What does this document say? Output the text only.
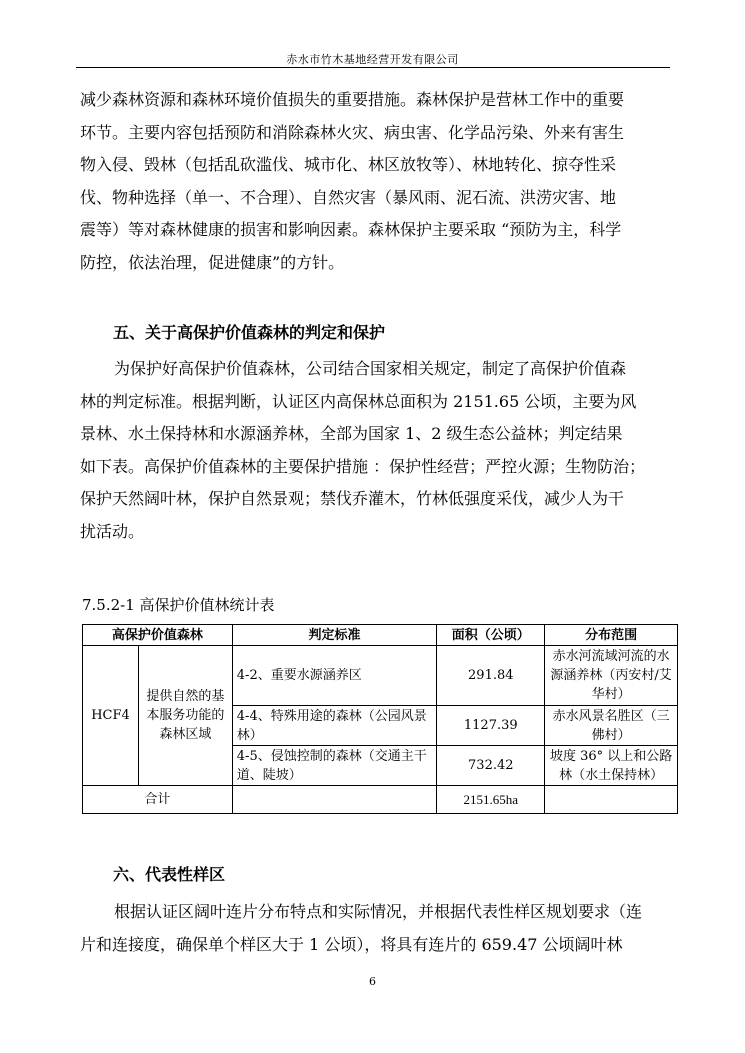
赤水市竹木基地经营开发有限公司
减少森林资源和森林环境价值损失的重要措施。森林保护是营林工作中的重要
环节。主要内容包括预防和消除森林火灾、病虫害、化学品污染、外来有害生
物入侵、毁林（包括乱砍滥伐、城市化、林区放牧等）、林地转化、掠夺性采
伐、物种选择（单一、不合理）、自然灾害（暴风雨、泥石流、洪涝灾害、地
震等）等对森林健康的损害和影响因素。森林保护主要采取 “预防为主，科学
防控，依法治理，促进健康”的方针。
五、关于高保护价值森林的判定和保护
为保护好高保护价值森林，公司结合国家相关规定，制定了高保护价值森
林的判定标准。根据判断，认证区内高保林总面积为 2151.65 公顷，主要为风
景林、水土保持林和水源涵养林，全部为国家 1、2 级生态公益林；判定结果
如下表。高保护价值森林的主要保护措施 ：保护性经营；严控火源；生物防治；
保护天然阔叶林，保护自然景观；禁伐乔灌木，竹林低强度采伐，减少人为干
扰活动。
7.5.2-1 高保护价值林统计表
高保护价值森林		判定标准	面积（公顷）	分布范围
HCF4	提供自然的基本服务功能的森林区域	4-2、重要水源涵养区	291.84	赤水河流域河流的水源涵养林（丙安村/艾华村）
		4-4、特殊用途的森林（公园风景林）	1127.39	赤水风景名胜区（三佛村）
		4-5、侵蚀控制的森林（交通主干道、陡坡）	732.42	坡度 36° 以上和公路林（水土保持林）
合计			2151.65ha	
六、代表性样区
根据认证区阔叶连片分布特点和实际情况，并根据代表性样区规划要求（连
片和连接度，确保单个样区大于 1 公顷），将具有连片的 659.47 公顷阔叶林
6
